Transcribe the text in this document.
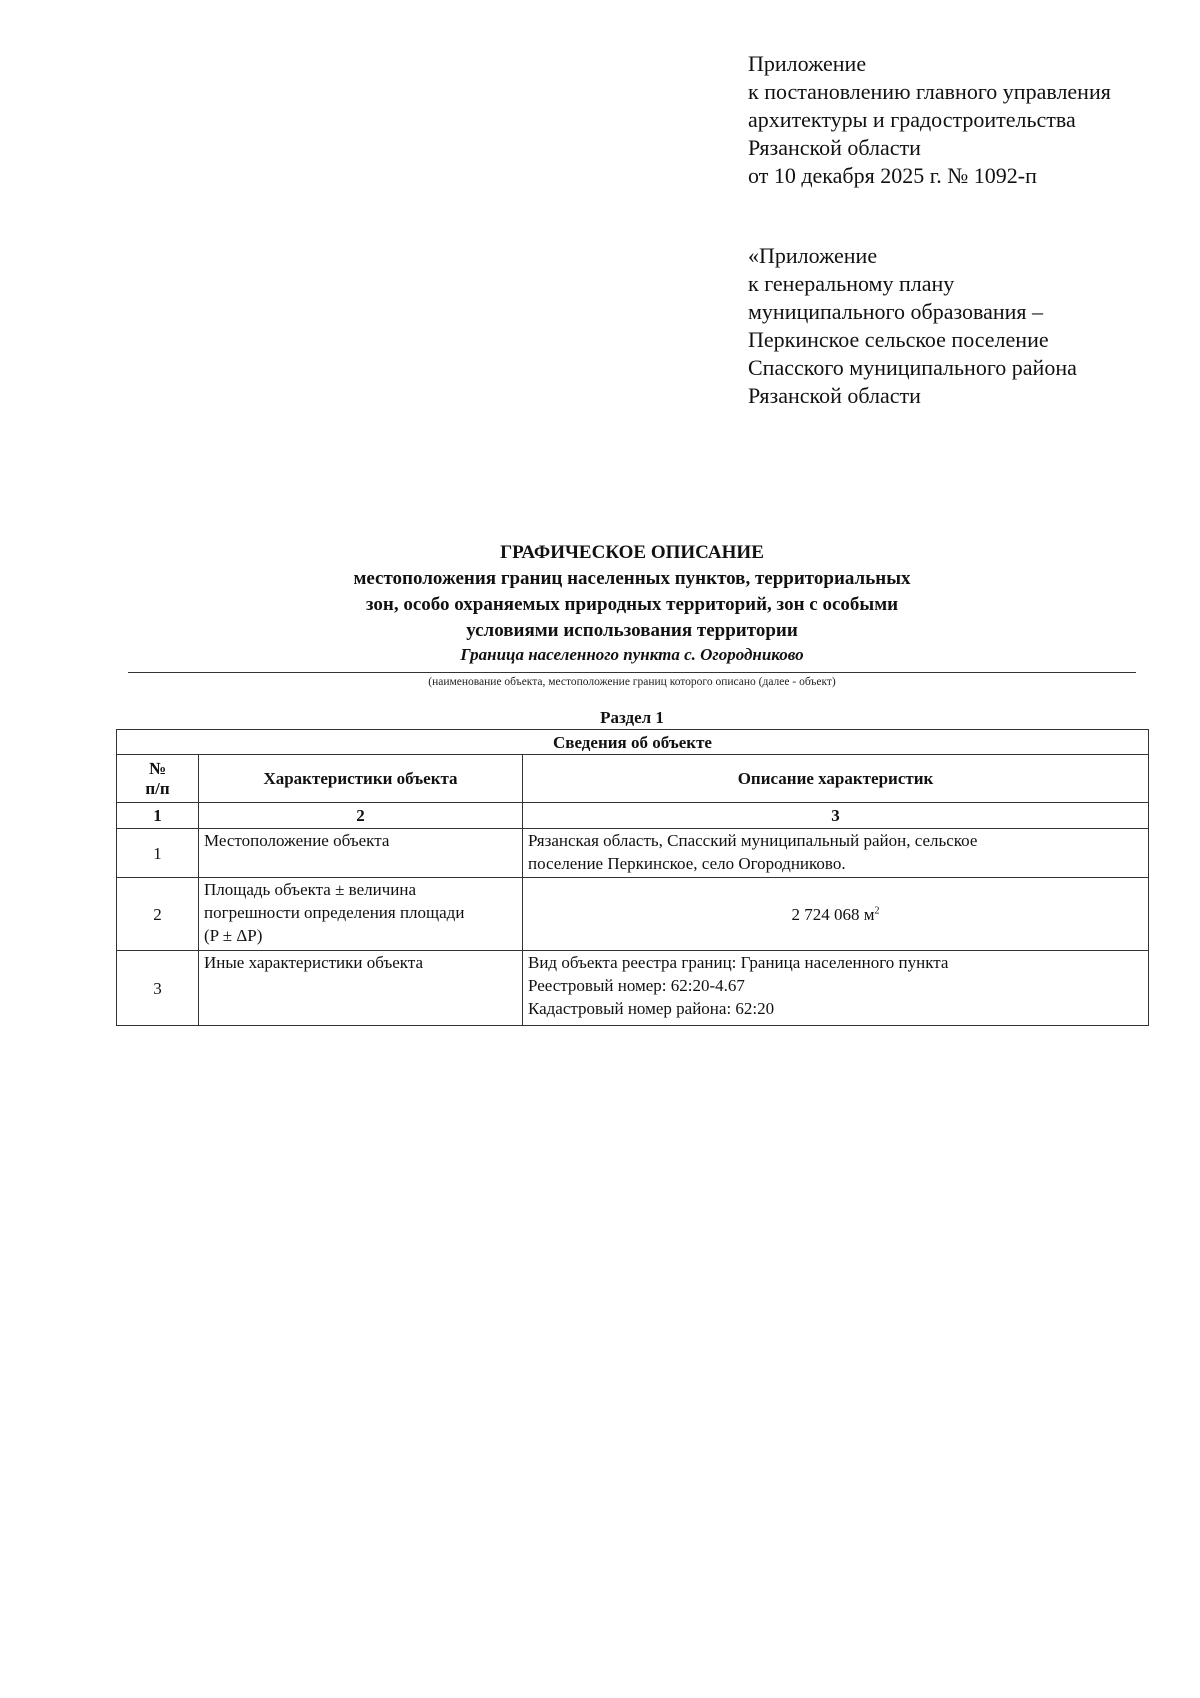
Приложение
к постановлению главного управления
архитектуры и градостроительства
Рязанской области
от 10 декабря 2025 г. № 1092-п
«Приложение
к генеральному плану
муниципального образования –
Перкинское сельское поселение
Спасского муниципального района
Рязанской области
ГРАФИЧЕСКОЕ ОПИСАНИЕ
местоположения границ населенных пунктов, территориальных
зон, особо охраняемых природных территорий, зон с особыми
условиями использования территории
Граница населенного пункта с. Огородниково
(наименование объекта, местоположение границ которого описано (далее - объект)
Раздел 1
Сведения об объекте		

№
п/п	Характеристики объекта	Описание характеристик
1	2	3
1	Местоположение объекта	Рязанская область, Спасский муниципальный район, сельское
поселение Перкинское, село Огородниково.

2	Площадь объекта ± величина
погрешности определения площади
(P ± ΔP)	2 724 068 $м^2$
3	Иные характеристики объекта	Вид объекта реестра границ: Граница населенного пункта
Реестровый номер: 62:20-4.67
Кадастровый номер района: 62:20
